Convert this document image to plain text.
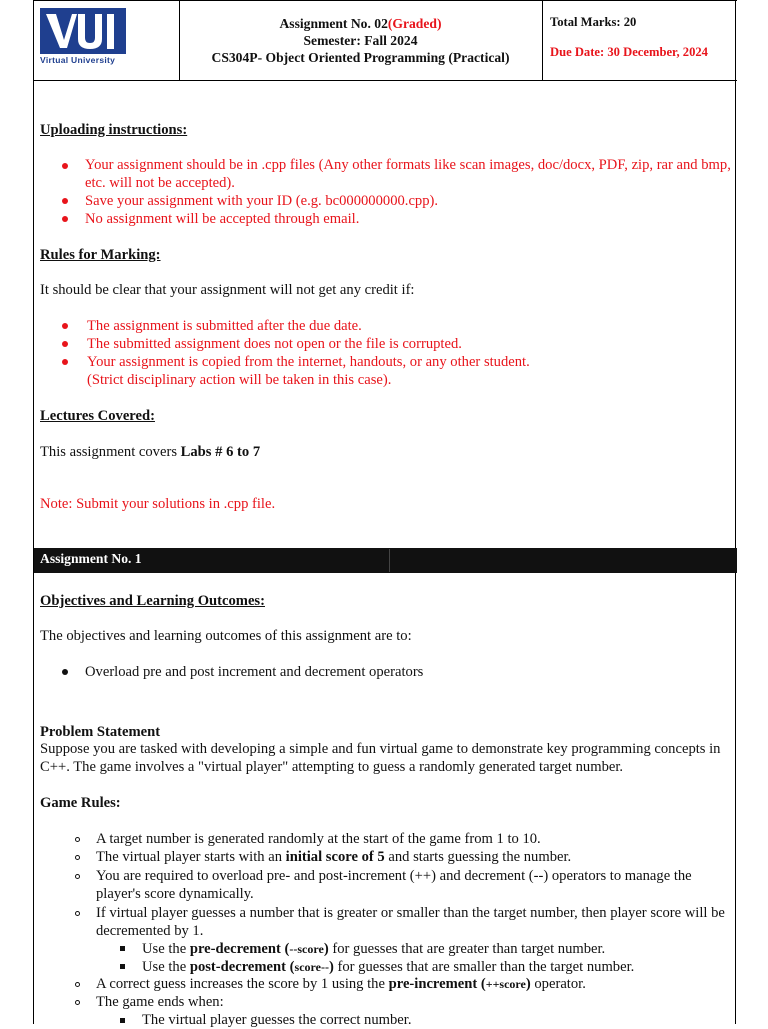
Virtual University
Assignment No. 02(Graded)
Semester: Fall 2024
CS304P- Object Oriented Programming (Practical)
Total Marks: 20
Due Date: 30 December, 2024
Uploading instructions:
Your assignment should be in .cpp files (Any other formats like scan images, doc/docx, PDF, zip, rar and bmp, etc. will not be accepted).
Save your assignment with your ID (e.g. bc000000000.cpp).
No assignment will be accepted through email.
Rules for Marking:
It should be clear that your assignment will not get any credit if:
The assignment is submitted after the due date.
The submitted assignment does not open or the file is corrupted.
Your assignment is copied from the internet, handouts, or any other student.
(Strict disciplinary action will be taken in this case).
Lectures Covered:
This assignment covers Labs # 6 to 7
Note: Submit your solutions in .cpp file.
Assignment No. 1
Objectives and Learning Outcomes:
The objectives and learning outcomes of this assignment are to:
Overload pre and post increment and decrement operators
Problem Statement
Suppose you are tasked with developing a simple and fun virtual game to demonstrate key programming concepts in C++. The game involves a "virtual player" attempting to guess a randomly generated target number.
Game Rules:
A target number is generated randomly at the start of the game from 1 to 10.
The virtual player starts with an initial score of 5 and starts guessing the number.
You are required to overload pre- and post-increment (++) and decrement (--) operators to manage the player's score dynamically.
If virtual player guesses a number that is greater or smaller than the target number, then player score will be decremented by 1.
Use the pre-decrement (--score) for guesses that are greater than target number.
Use the post-decrement (score--) for guesses that are smaller than the target number.
A correct guess increases the score by 1 using the pre-increment (++score) operator.
The game ends when:
The virtual player guesses the correct number.
